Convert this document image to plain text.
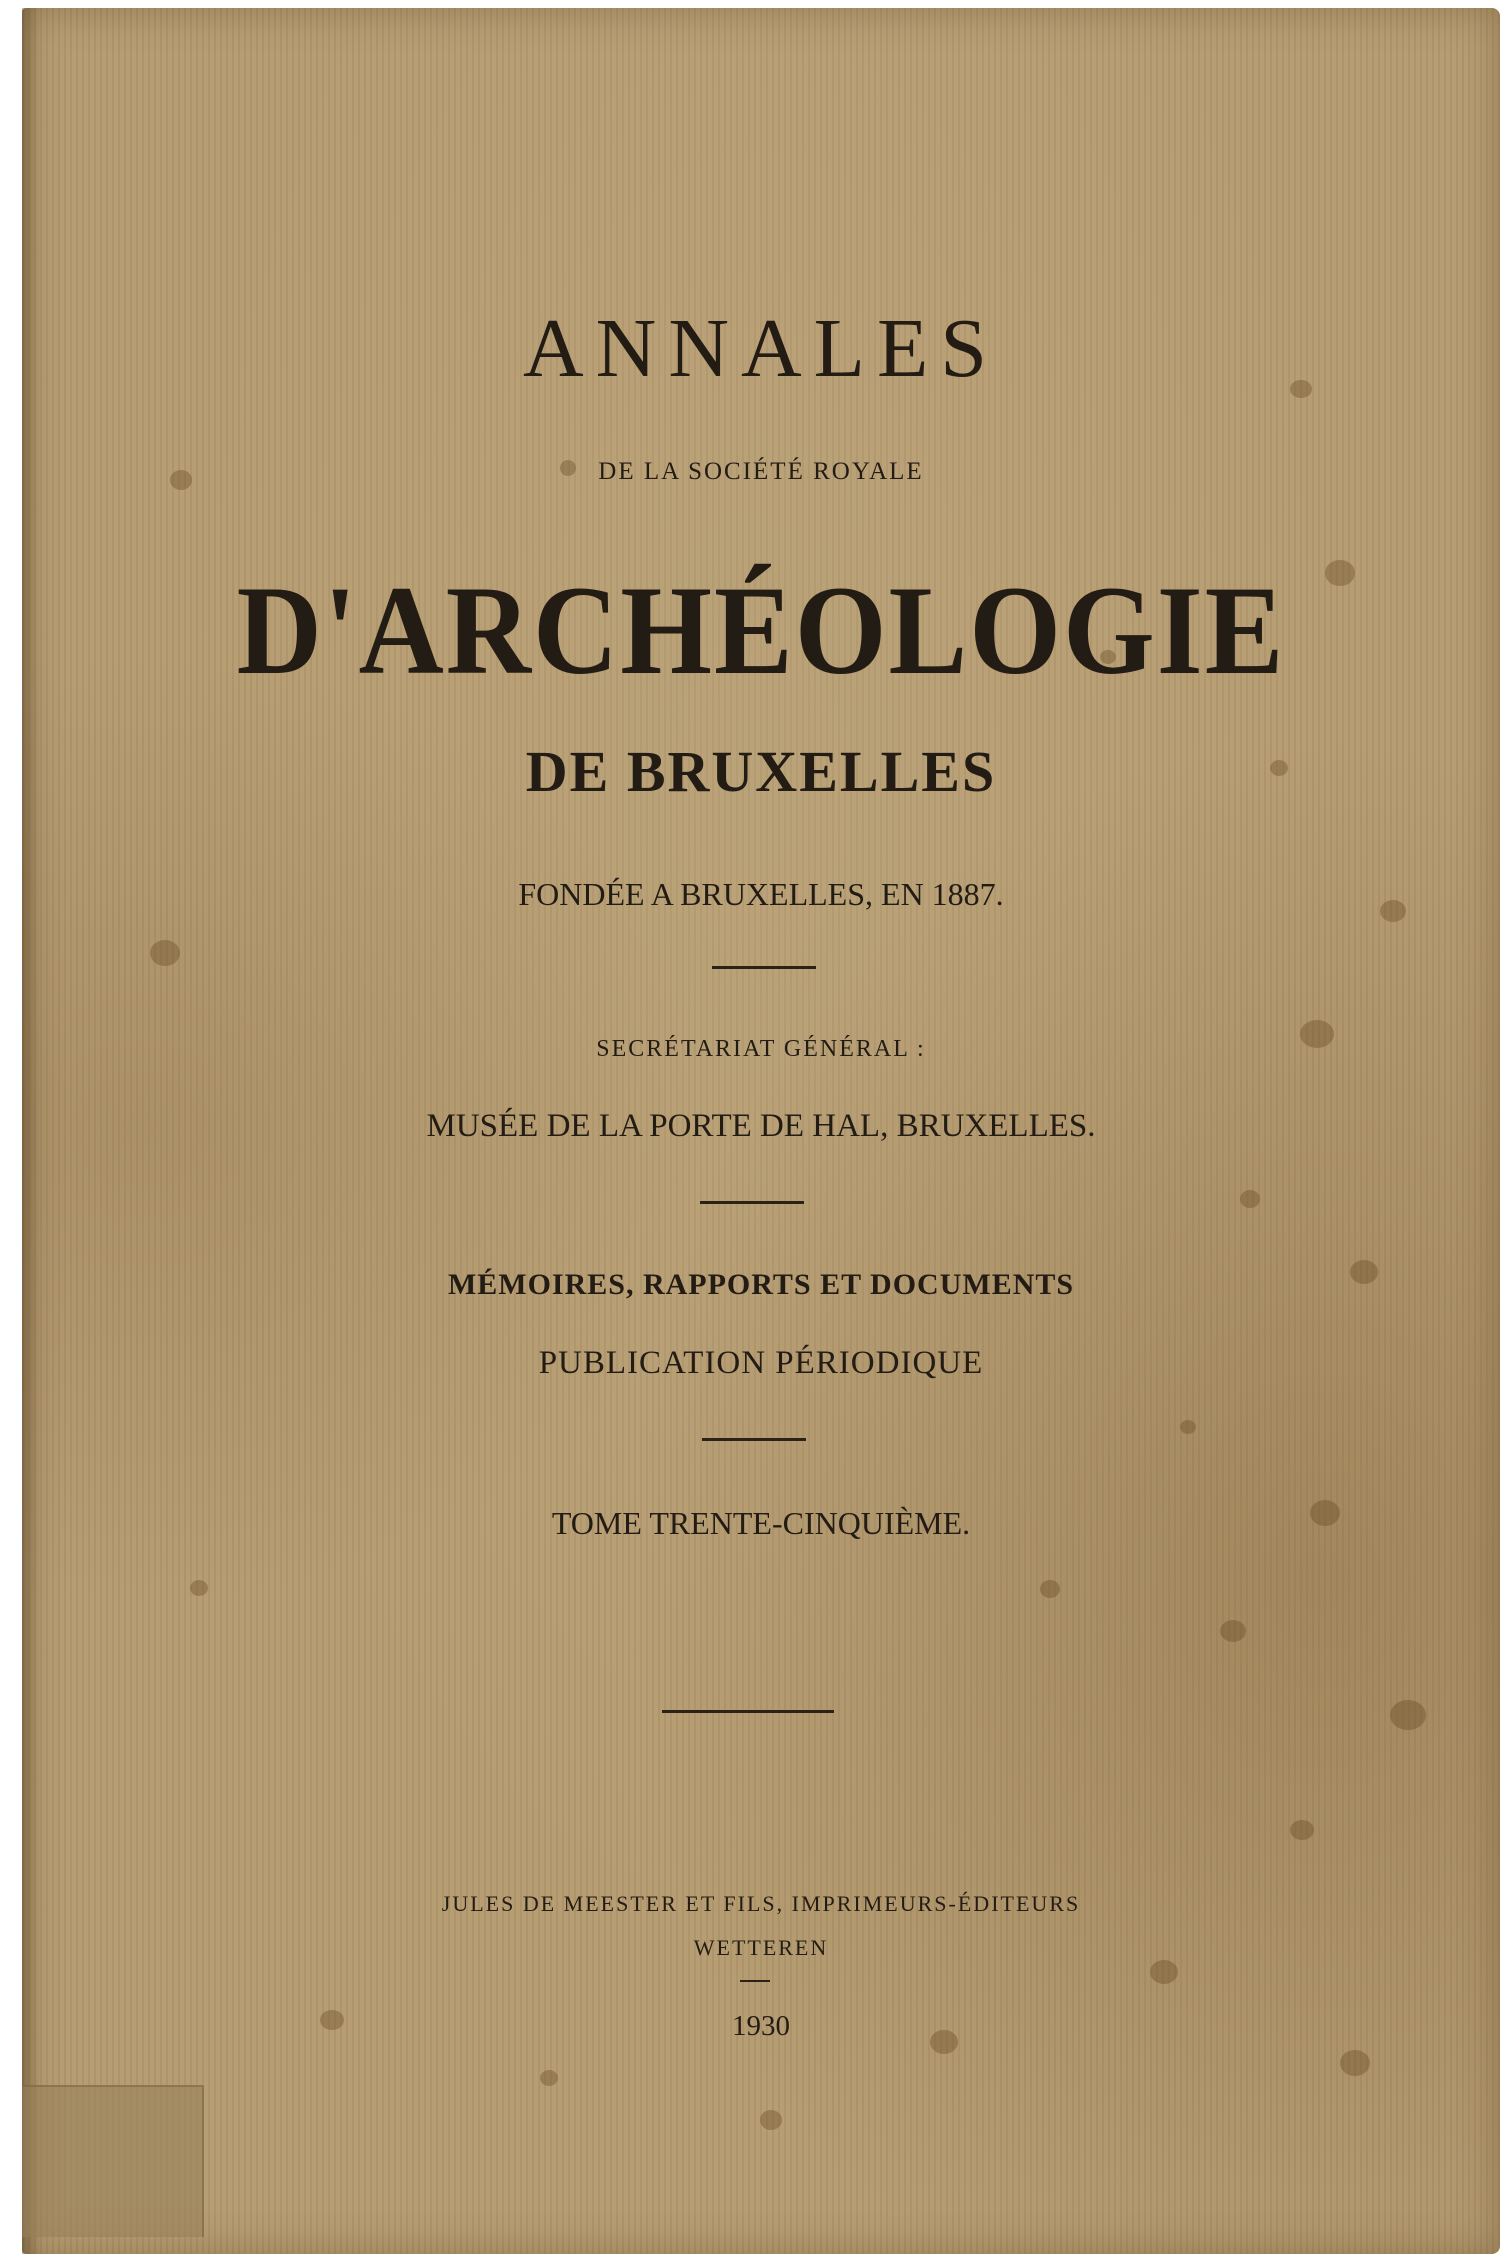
ANNALES
DE LA SOCIÉTÉ ROYALE
D'ARCHÉOLOGIE
DE BRUXELLES
FONDÉE A BRUXELLES, EN 1887.
SECRÉTARIAT GÉNÉRAL :
MUSÉE DE LA PORTE DE HAL, BRUXELLES.
MÉMOIRES, RAPPORTS ET DOCUMENTS
PUBLICATION PÉRIODIQUE
TOME TRENTE-CINQUIÈME.
JULES DE MEESTER ET FILS, IMPRIMEURS-ÉDITEURS
WETTEREN
1930
